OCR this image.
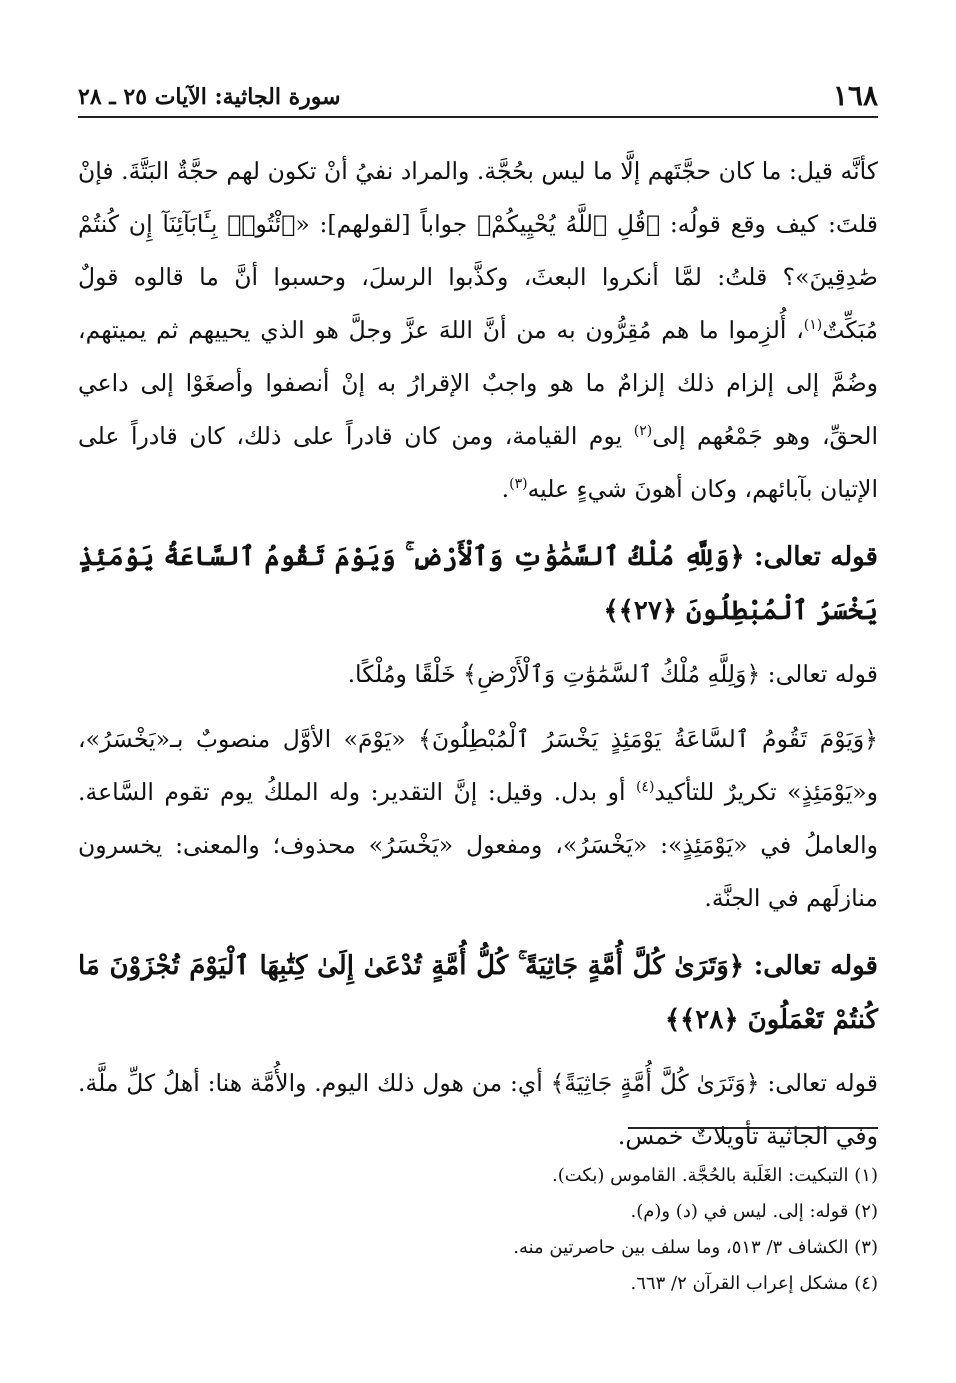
١٦٨
سورة الجاثية: الآيات ٢٥ ـ ٢٨

كأنَّه قيل: ما كان حجَّتَهم إلَّا ما ليس بحُجَّة. والمراد نفيُ أنْ تكون لهم حجَّةٌ البَتَّةَ. فإنْ قلتَ: كيف وقع قولُه: ﴿قُلِ ٱللَّهُ يُحْيِيكُمْ﴾ جواباً [لقولهم]: «ٱئْتُوا۟ بِـَٔابَآئِنَآ إِن كُنتُمْ صَٰدِقِينَ»؟ قلتُ: لمَّا أنكروا البعثَ، وكذَّبوا الرسلَ، وحسبوا أنَّ ما قالوه قولٌ مُبَكِّتٌ$^{(١)}$، أُلزِموا ما هم مُقِرُّون به من أنَّ اللهَ عزَّ وجلَّ هو الذي يحييهم ثم يميتهم، وضُمَّ إلى إلزام ذلك إلزامٌ ما هو واجبٌ الإقرارُ به إنْ أنصفوا وأصغَوْا إلى داعي الحقِّ، وهو جَمْعُهم إلى$^{(٢)}$ يوم القيامة، ومن كان قادراً على ذلك، كان قادراً على الإتيان بآبائهم، وكان أهونَ شيءٍ عليه$^{(٣)}$.

قوله تعالى: ﴿وَلِلَّهِ مُلْكُ ٱلسَّمَٰوَٰتِ وَٱلْأَرْضِ ۚ وَيَوْمَ تَقُومُ ٱلسَّاعَةُ يَوْمَئِذٍ يَخْسَرُ ٱلْمُبْطِلُونَ ﴿٢٧﴾﴾

قوله تعالى: ﴿وَلِلَّهِ مُلْكُ ٱلسَّمَٰوَٰتِ وَٱلْأَرْضِ﴾ خَلْقًا ومُلْكًا.

﴿وَيَوْمَ تَقُومُ ٱلسَّاعَةُ يَوْمَئِذٍ يَخْسَرُ ٱلْمُبْطِلُونَ﴾ «يَوْمَ» الأوَّل منصوبٌ بـ«يَخْسَرُ»، و«يَوْمَئِذٍ» تكريرٌ للتأكيد$^{(٤)}$ أو بدل. وقيل: إنَّ التقدير: وله الملكُ يوم تقوم السَّاعة. والعاملُ في «يَوْمَئِذٍ»: «يَخْسَرُ»، ومفعول «يَخْسَرُ» محذوف؛ والمعنى: يخسرون منازلَهم في الجنَّة.

قوله تعالى: ﴿وَتَرَىٰ كُلَّ أُمَّةٍ جَاثِيَةً ۚ كُلُّ أُمَّةٍ تُدْعَىٰ إِلَىٰ كِتَٰبِهَا ٱلْيَوْمَ تُجْزَوْنَ مَا كُنتُمْ تَعْمَلُونَ ﴿٢٨﴾﴾

قوله تعالى: ﴿وَتَرَىٰ كُلَّ أُمَّةٍ جَاثِيَةً﴾ أي: من هول ذلك اليوم. والأُمَّة هنا: أهلُ كلِّ ملَّة. وفي الجاثية تأويلاتٌ خمس.

(١) التبكيت: الغَلَبة بالحُجَّة. القاموس (بكت).
(٢) قوله: إلى. ليس في (د) و(م).
(٣) الكشاف ٣/ ٥١٣، وما سلف بين حاصرتين منه.
(٤) مشكل إعراب القرآن ٢/ ٦٦٣.
